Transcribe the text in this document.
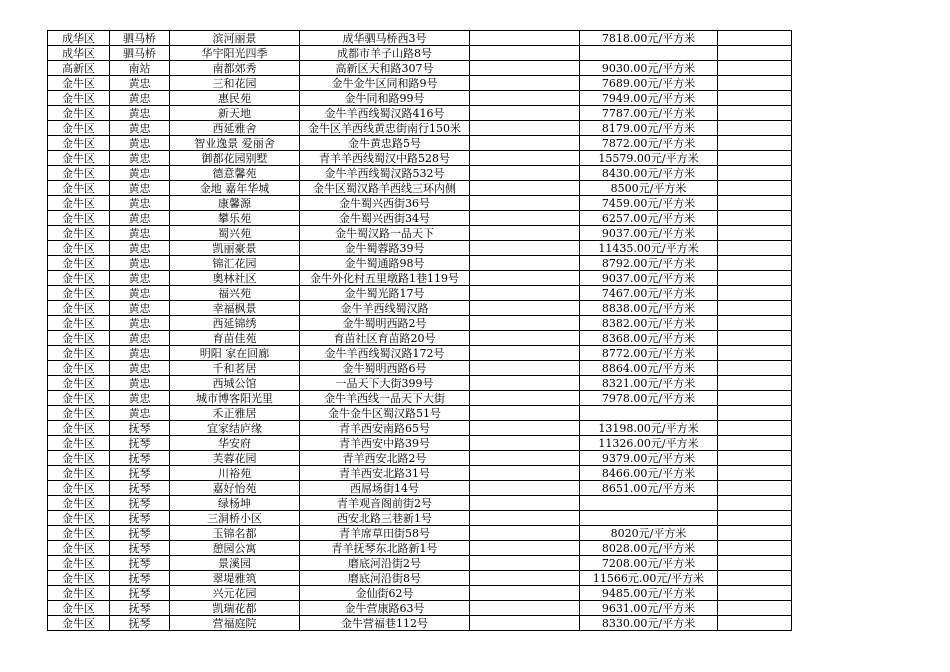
成华区	驷马桥	滨河丽景	成华驷马桥西3号		7818.00元/平方米	
成华区	驷马桥	华宇阳光四季	成都市羊子山路8号			
高新区	南站	南都郊秀	高新区天和路307号		9030.00元/平方米	
金牛区	黄忠	三和花园	金牛金牛区同和路9号		7689.00元/平方米	
金牛区	黄忠	惠民苑	金牛同和路99号		7949.00元/平方米	
金牛区	黄忠	新天地	金牛羊西线蜀汉路416号		7787.00元/平方米	
金牛区	黄忠	西延雅舍	金牛区羊西线黄忠街南行150米		8179.00元/平方米	
金牛区	黄忠	智业逸景 爱丽舍	金牛黄忠路5号		7872.00元/平方米	
金牛区	黄忠	御都花园别墅	青羊羊西线蜀汉中路528号		15579.00元/平方米	
金牛区	黄忠	德意馨苑	金牛羊西线蜀汉路532号		8430.00元/平方米	
金牛区	黄忠	金地 嘉年华城	金牛区蜀汉路羊西线三环内侧		8500元/平方米	
金牛区	黄忠	康馨源	金牛蜀兴西街36号		7459.00元/平方米	
金牛区	黄忠	攀乐苑	金牛蜀兴西街34号		6257.00元/平方米	
金牛区	黄忠	蜀兴苑	金牛蜀汉路一品天下		9037.00元/平方米	
金牛区	黄忠	凯丽豪景	金牛蜀蓉路39号		11435.00元/平方米	
金牛区	黄忠	锦汇花园	金牛蜀通路98号		8792.00元/平方米	
金牛区	黄忠	奥林社区	金牛外化村五里墩路1巷119号		9037.00元/平方米	
金牛区	黄忠	福兴苑	金牛蜀光路17号		7467.00元/平方米	
金牛区	黄忠	幸福枫景	金牛羊西线蜀汉路		8838.00元/平方米	
金牛区	黄忠	西延锦绣	金牛蜀明西路2号		8382.00元/平方米	
金牛区	黄忠	育苗佳苑	育苗社区育苗路20号		8368.00元/平方米	
金牛区	黄忠	明阳 家在回廊	金牛羊西线蜀汉路172号		8772.00元/平方米	
金牛区	黄忠	千和茗居	金牛蜀明西路6号		8864.00元/平方米	
金牛区	黄忠	西城公馆	一品天下大街399号		8321.00元/平方米	
金牛区	黄忠	城市博客阳光里	金牛羊西线一品天下大街		7978.00元/平方米	
金牛区	黄忠	禾正雅居	金牛金牛区蜀汉路51号			
金牛区	抚琴	宜家结庐缘	青羊西安南路65号		13198.00元/平方米	
金牛区	抚琴	华安府	青羊西安中路39号		11326.00元/平方米	
金牛区	抚琴	芙蓉花园	青羊西安北路2号		9379.00元/平方米	
金牛区	抚琴	川裕苑	青羊西安北路31号		8466.00元/平方米	
金牛区	抚琴	嘉好怡苑	西屌场街14号		8651.00元/平方米	
金牛区	抚琴	绿杨坤	青羊观音阁前街2号			
金牛区	抚琴	三洞桥小区	西安北路三巷新1号			
金牛区	抚琴	玉锦名都	青羊席草田街58号		8020元/平方米	
金牛区	抚琴	憩园公寓	青羊抚琴东北路新1号		8028.00元/平方米	
金牛区	抚琴	景溪园	磨底河沿街2号		7208.00元/平方米	
金牛区	抚琴	翠堤雅筑	磨底河沿街8号		11566元.00元/平方米	
金牛区	抚琴	兴元花园	金仙街62号		9485.00元/平方米	
金牛区	抚琴	凯瑞花都	金牛营康路63号		9631.00元/平方米	
金牛区	抚琴	营福庭院	金牛营福巷112号		8330.00元/平方米	
